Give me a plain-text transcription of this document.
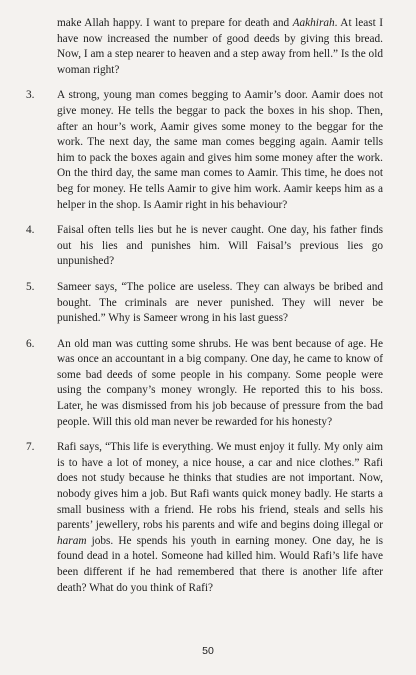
make Allah happy. I want to prepare for death and Aakhirah. At least I have now increased the number of good deeds by giving this bread. Now, I am a step nearer to heaven and a step away from hell.” Is the old woman right?
3.	A strong, young man comes begging to Aamir’s door. Aamir does not give money. He tells the beggar to pack the boxes in his shop. Then, after an hour’s work, Aamir gives some money to the beggar for the work. The next day, the same man comes begging again. Aamir tells him to pack the boxes again and gives him some money after the work. On the third day, the same man comes to Aamir. This time, he does not beg for money. He tells Aamir to give him work. Aamir keeps him as a helper in the shop. Is Aamir right in his behaviour?
4.	Faisal often tells lies but he is never caught. One day, his father finds out his lies and punishes him. Will Faisal’s previous lies go unpunished?
5.	Sameer says, “The police are useless. They can always be bribed and bought. The criminals are never punished. They will never be punished.” Why is Sameer wrong in his last guess?
6.	An old man was cutting some shrubs. He was bent because of age. He was once an accountant in a big company. One day, he came to know of some bad deeds of some people in his company. Some people were using the company’s money wrongly. He reported this to his boss. Later, he was dismissed from his job because of pressure from the bad people. Will this old man never be rewarded for his honesty?
7.	Rafi says, “This life is everything. We must enjoy it fully. My only aim is to have a lot of money, a nice house, a car and nice clothes.” Rafi does not study because he thinks that studies are not important. Now, nobody gives him a job. But Rafi wants quick money badly. He starts a small business with a friend. He robs his friend, steals and sells his parents’ jewellery, robs his parents and wife and begins doing illegal or haram jobs. He spends his youth in earning money. One day, he is found dead in a hotel. Someone had killed him. Would Rafi’s life have been different if he had remembered that there is another life after death? What do you think of Rafi?
50
